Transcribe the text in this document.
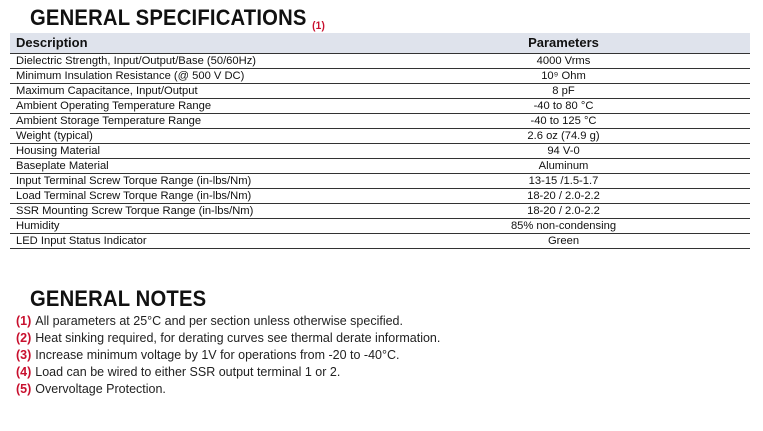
GENERAL SPECIFICATIONS (1)
Description	Parameters
Dielectric Strength, Input/Output/Base (50/60Hz)	4000 Vrms
Minimum Insulation Resistance (@ 500 V DC)	10⁹ Ohm
Maximum Capacitance, Input/Output	8 pF
Ambient Operating Temperature Range	-40 to 80 °C
Ambient Storage Temperature Range	-40 to 125 °C
Weight (typical)	2.6 oz (74.9 g)
Housing Material	94 V-0
Baseplate Material	Aluminum
Input Terminal Screw Torque Range (in-lbs/Nm)	13-15 /1.5-1.7
Load Terminal Screw Torque Range (in-lbs/Nm)	18-20 / 2.0-2.2
SSR Mounting Screw Torque Range (in-lbs/Nm)	18-20 / 2.0-2.2
Humidity	85% non-condensing
LED Input Status Indicator	Green
GENERAL NOTES
(1) All parameters at 25°C and per section unless otherwise specified.
(2) Heat sinking required, for derating curves see thermal derate information.
(3) Increase minimum voltage by 1V for operations from -20 to -40°C.
(4) Load can be wired to either SSR output terminal 1 or 2.
(5) Overvoltage Protection.
